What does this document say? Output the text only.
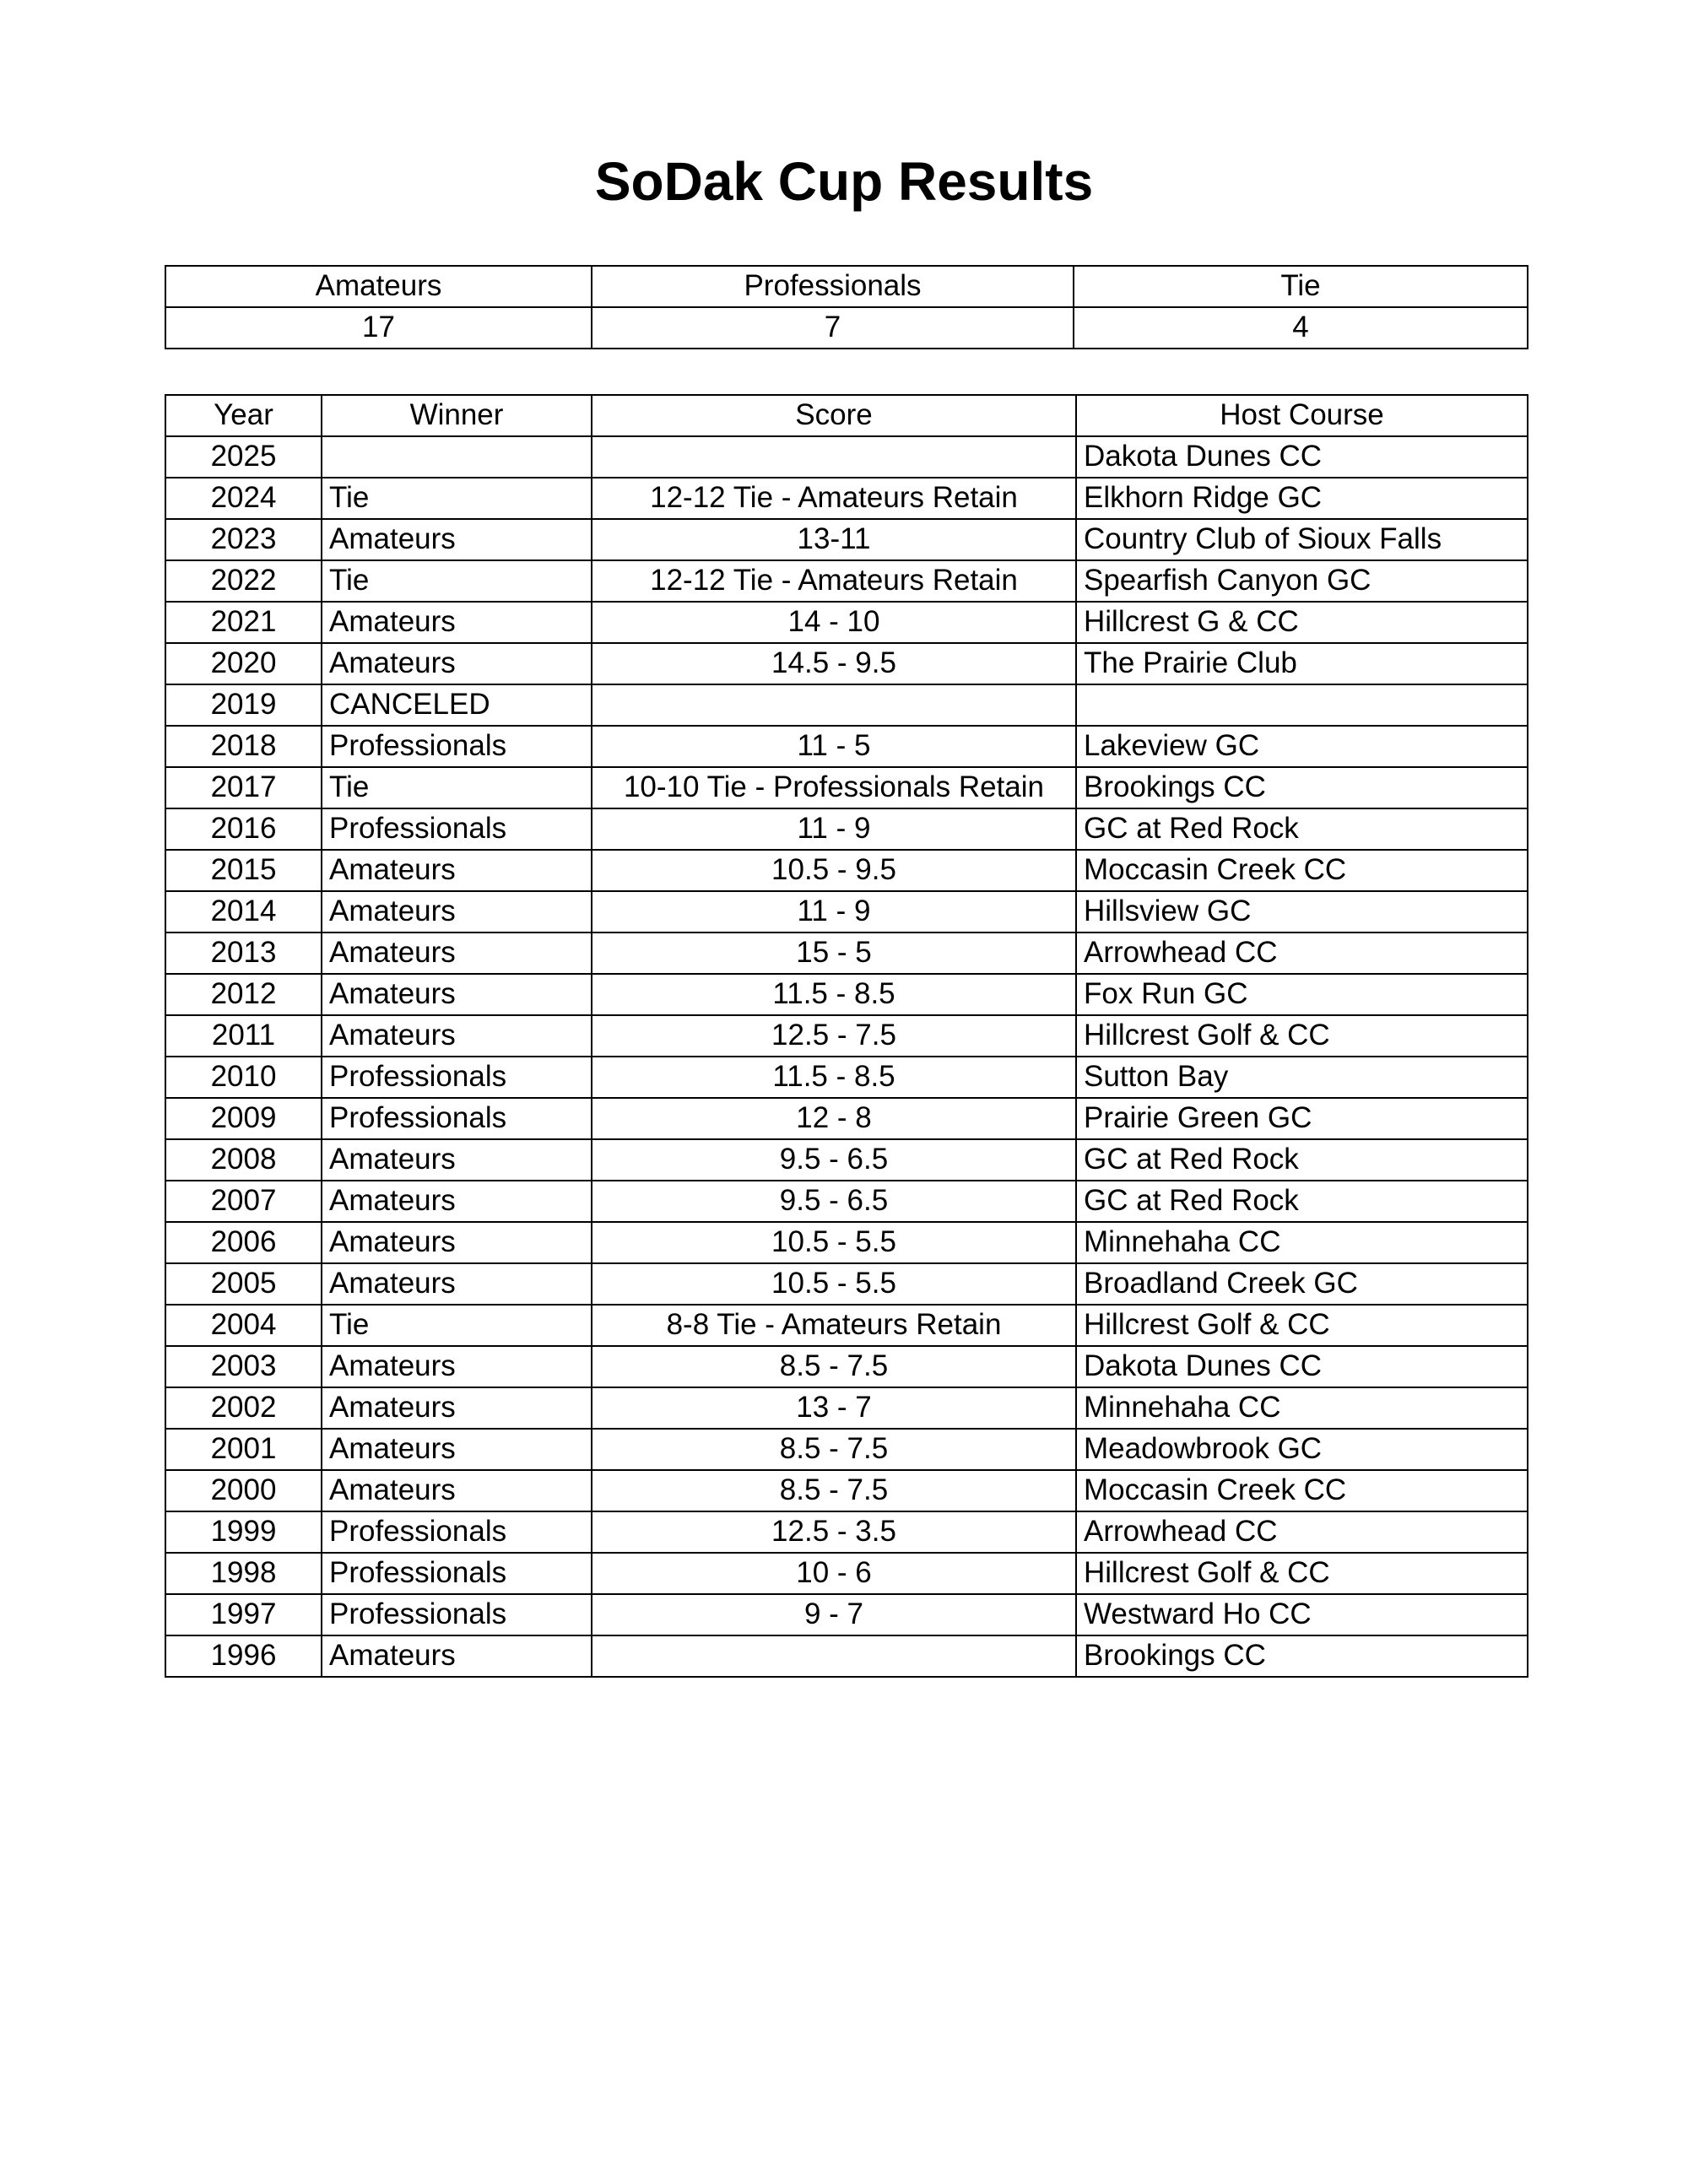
SoDak Cup Results
Amateurs	Professionals	Tie
17	7	4
Year	Winner	Score	Host Course
2025			Dakota Dunes CC
2024	Tie	12-12 Tie - Amateurs Retain	Elkhorn Ridge GC
2023	Amateurs	13-11	Country Club of Sioux Falls
2022	Tie	12-12 Tie - Amateurs Retain	Spearfish Canyon GC
2021	Amateurs	14 - 10	Hillcrest G & CC
2020	Amateurs	14.5 - 9.5	The Prairie Club
2019	CANCELED		
2018	Professionals	11 - 5	Lakeview GC
2017	Tie	10-10 Tie - Professionals Retain	Brookings CC
2016	Professionals	11 - 9	GC at Red Rock
2015	Amateurs	10.5 - 9.5	Moccasin Creek CC
2014	Amateurs	11 - 9	Hillsview GC
2013	Amateurs	15 - 5	Arrowhead CC
2012	Amateurs	11.5 - 8.5	Fox Run GC
2011	Amateurs	12.5 - 7.5	Hillcrest Golf & CC
2010	Professionals	11.5 - 8.5	Sutton Bay
2009	Professionals	12 - 8	Prairie Green GC
2008	Amateurs	9.5 - 6.5	GC at Red Rock
2007	Amateurs	9.5 - 6.5	GC at Red Rock
2006	Amateurs	10.5 - 5.5	Minnehaha CC
2005	Amateurs	10.5 - 5.5	Broadland Creek GC
2004	Tie	8-8 Tie - Amateurs Retain	Hillcrest Golf & CC
2003	Amateurs	8.5 - 7.5	Dakota Dunes CC
2002	Amateurs	13 - 7	Minnehaha CC
2001	Amateurs	8.5 - 7.5	Meadowbrook GC
2000	Amateurs	8.5 - 7.5	Moccasin Creek CC
1999	Professionals	12.5 - 3.5	Arrowhead CC
1998	Professionals	10 - 6	Hillcrest Golf & CC
1997	Professionals	9 - 7	Westward Ho CC
1996	Amateurs		Brookings CC
